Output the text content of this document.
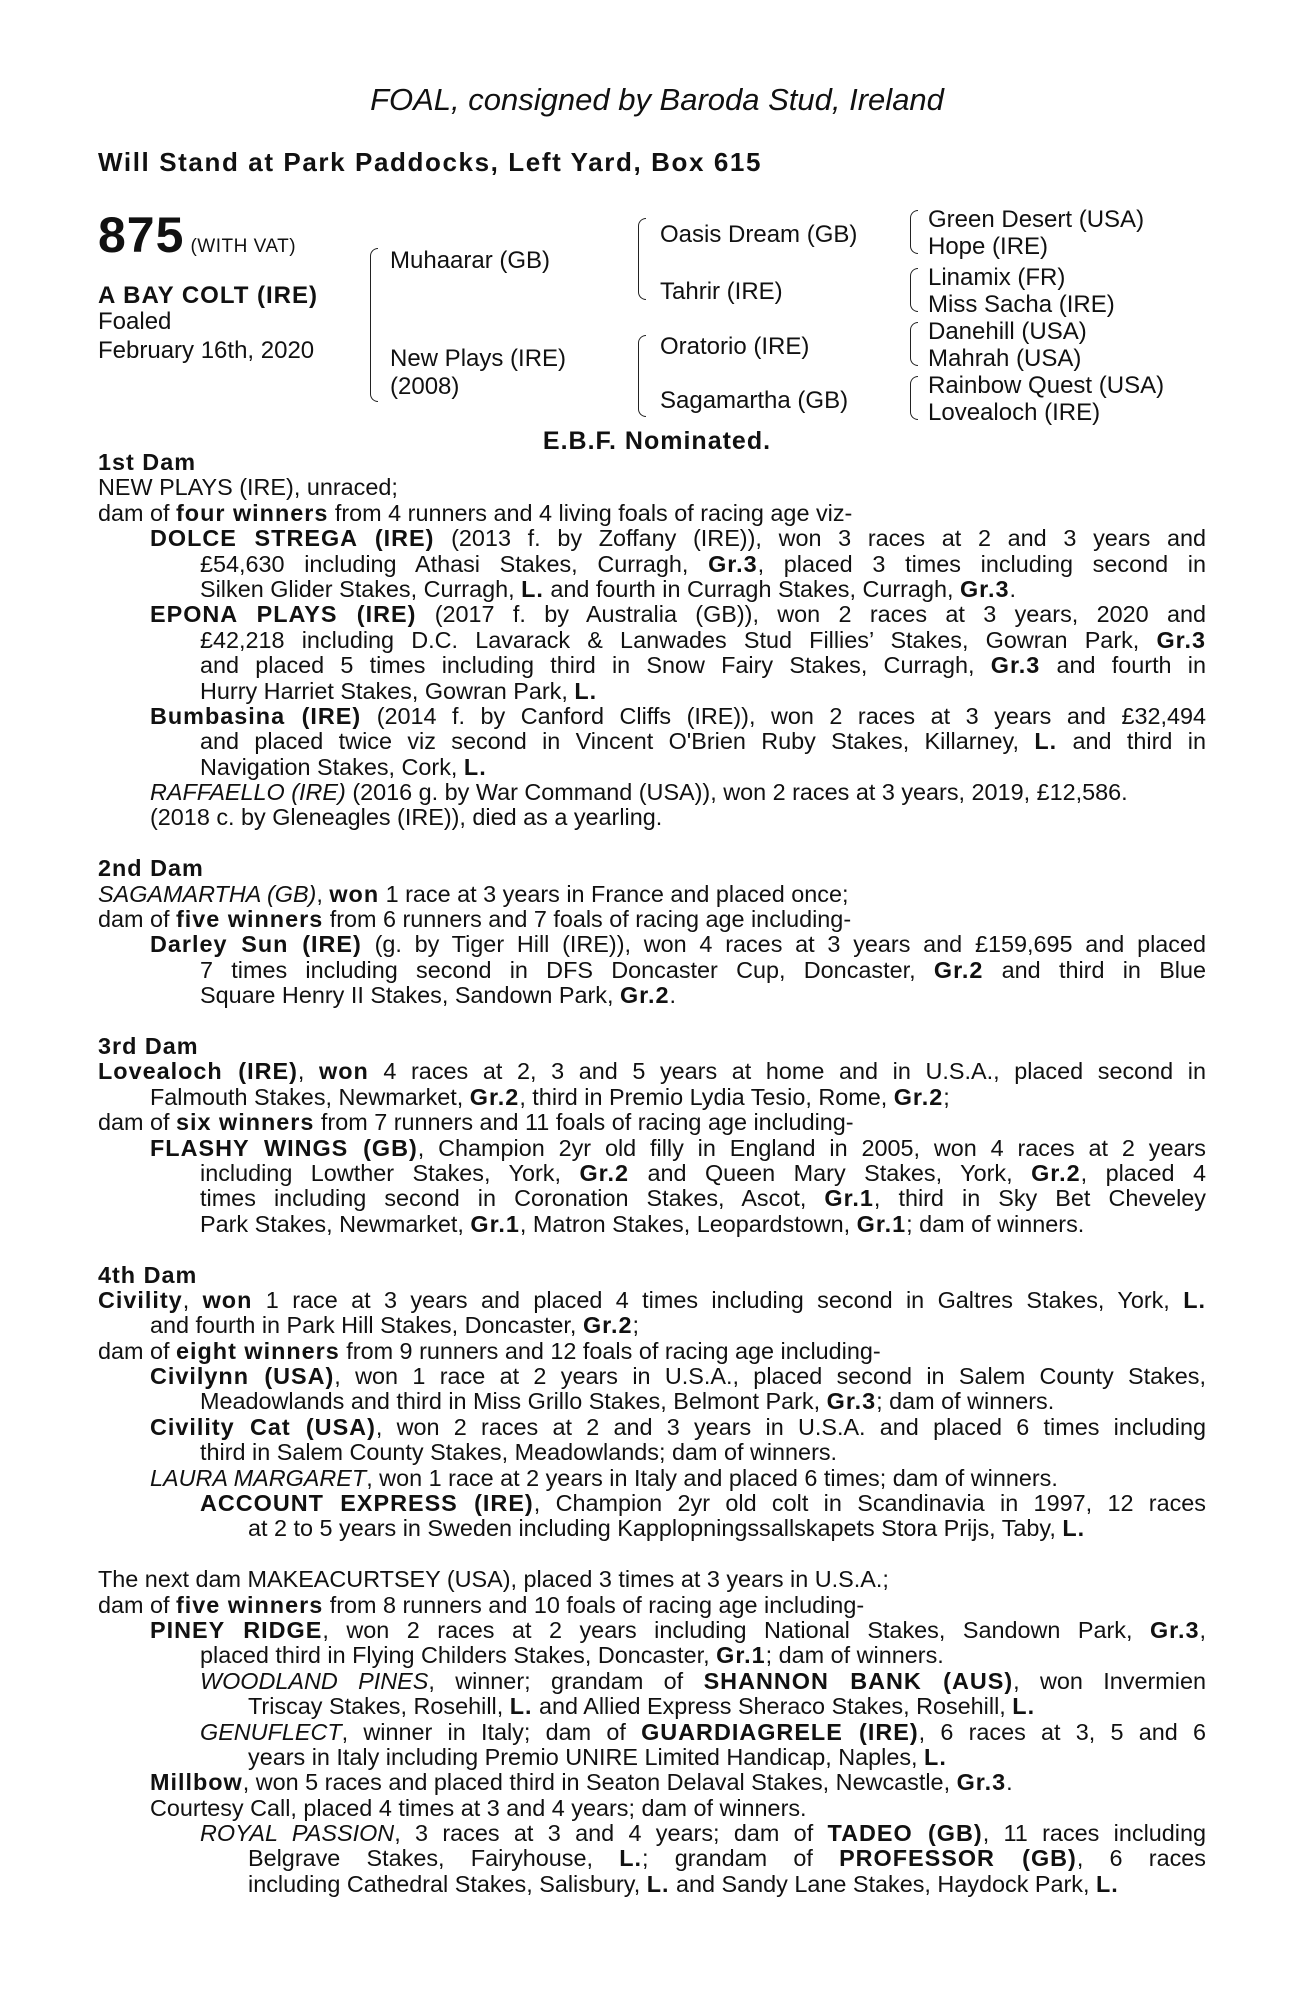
FOAL, consigned by Baroda Stud, Ireland
Will Stand at Park Paddocks, Left Yard, Box 615
875 (WITH VAT)
A BAY COLT (IRE)
Foaled
February 16th, 2020
Muhaarar (GB)
New Plays (IRE)
(2008)
Oasis Dream (GB)
Tahrir (IRE)
Oratorio (IRE)
Sagamartha (GB)
Green Desert (USA)
Hope (IRE)
Linamix (FR)
Miss Sacha (IRE)
Danehill (USA)
Mahrah (USA)
Rainbow Quest (USA)
Lovealoch (IRE)
E.B.F. Nominated.
1st Dam
NEW PLAYS (IRE), unraced;
dam of four winners from 4 runners and 4 living foals of racing age viz-
DOLCE STREGA (IRE) (2013 f. by Zoffany (IRE)), won 3 races at 2 and 3 years and
£54,630 including Athasi Stakes, Curragh, Gr.3, placed 3 times including second in
Silken Glider Stakes, Curragh, L. and fourth in Curragh Stakes, Curragh, Gr.3.
EPONA PLAYS (IRE) (2017 f. by Australia (GB)), won 2 races at 3 years, 2020 and
£42,218 including D.C. Lavarack & Lanwades Stud Fillies’ Stakes, Gowran Park, Gr.3
and placed 5 times including third in Snow Fairy Stakes, Curragh, Gr.3 and fourth in
Hurry Harriet Stakes, Gowran Park, L.
Bumbasina (IRE) (2014 f. by Canford Cliffs (IRE)), won 2 races at 3 years and £32,494
and placed twice viz second in Vincent O'Brien Ruby Stakes, Killarney, L. and third in
Navigation Stakes, Cork, L.
RAFFAELLO (IRE) (2016 g. by War Command (USA)), won 2 races at 3 years, 2019, £12,586.
(2018 c. by Gleneagles (IRE)), died as a yearling.
2nd Dam
SAGAMARTHA (GB), won 1 race at 3 years in France and placed once;
dam of five winners from 6 runners and 7 foals of racing age including-
Darley Sun (IRE) (g. by Tiger Hill (IRE)), won 4 races at 3 years and £159,695 and placed
7 times including second in DFS Doncaster Cup, Doncaster, Gr.2 and third in Blue
Square Henry II Stakes, Sandown Park, Gr.2.
3rd Dam
Lovealoch (IRE), won 4 races at 2, 3 and 5 years at home and in U.S.A., placed second in
Falmouth Stakes, Newmarket, Gr.2, third in Premio Lydia Tesio, Rome, Gr.2;
dam of six winners from 7 runners and 11 foals of racing age including-
FLASHY WINGS (GB), Champion 2yr old filly in England in 2005, won 4 races at 2 years
including Lowther Stakes, York, Gr.2 and Queen Mary Stakes, York, Gr.2, placed 4
times including second in Coronation Stakes, Ascot, Gr.1, third in Sky Bet Cheveley
Park Stakes, Newmarket, Gr.1, Matron Stakes, Leopardstown, Gr.1; dam of winners.
4th Dam
Civility, won 1 race at 3 years and placed 4 times including second in Galtres Stakes, York, L.
and fourth in Park Hill Stakes, Doncaster, Gr.2;
dam of eight winners from 9 runners and 12 foals of racing age including-
Civilynn (USA), won 1 race at 2 years in U.S.A., placed second in Salem County Stakes,
Meadowlands and third in Miss Grillo Stakes, Belmont Park, Gr.3; dam of winners.
Civility Cat (USA), won 2 races at 2 and 3 years in U.S.A. and placed 6 times including
third in Salem County Stakes, Meadowlands; dam of winners.
LAURA MARGARET, won 1 race at 2 years in Italy and placed 6 times; dam of winners.
ACCOUNT EXPRESS (IRE), Champion 2yr old colt in Scandinavia in 1997, 12 races
at 2 to 5 years in Sweden including Kapplopningssallskapets Stora Prijs, Taby, L.
The next dam MAKEACURTSEY (USA), placed 3 times at 3 years in U.S.A.;
dam of five winners from 8 runners and 10 foals of racing age including-
PINEY RIDGE, won 2 races at 2 years including National Stakes, Sandown Park, Gr.3,
placed third in Flying Childers Stakes, Doncaster, Gr.1; dam of winners.
WOODLAND PINES, winner; grandam of SHANNON BANK (AUS), won Invermien
Triscay Stakes, Rosehill, L. and Allied Express Sheraco Stakes, Rosehill, L.
GENUFLECT, winner in Italy; dam of GUARDIAGRELE (IRE), 6 races at 3, 5 and 6
years in Italy including Premio UNIRE Limited Handicap, Naples, L.
Millbow, won 5 races and placed third in Seaton Delaval Stakes, Newcastle, Gr.3.
Courtesy Call, placed 4 times at 3 and 4 years; dam of winners.
ROYAL PASSION, 3 races at 3 and 4 years; dam of TADEO (GB), 11 races including
Belgrave Stakes, Fairyhouse, L.; grandam of PROFESSOR (GB), 6 races
including Cathedral Stakes, Salisbury, L. and Sandy Lane Stakes, Haydock Park, L.
